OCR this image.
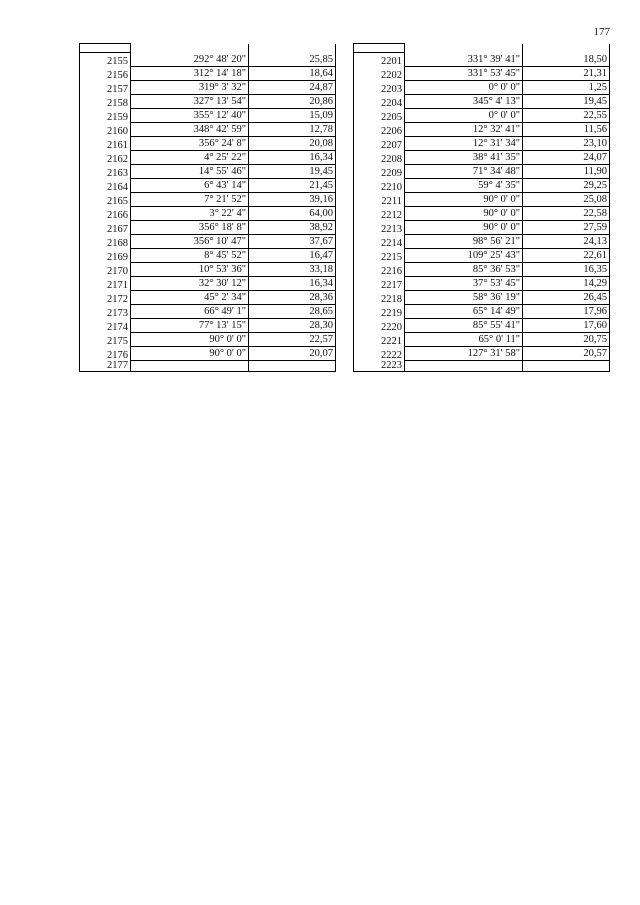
177

2155	292° 48' 20"	25,85
2156	312° 14' 18"	18,64
2157	319° 3' 32"	24,87
2158	327° 13' 54"	20,86
2159	355° 12' 40"	15,09
2160	348° 42' 59"	12,78
2161	356° 24' 8"	20,08
2162	4° 25' 22"	16,34
2163	14° 55' 46"	19,45
2164	6° 43' 14"	21,45
2165	7° 21' 52"	39,16
2166	3° 22' 4"	64,00
2167	356° 18' 8"	38,92
2168	356° 10' 47"	37,67
2169	8° 45' 52"	16,47
2170	10° 53' 36"	33,18
2171	32° 30' 12"	16,34
2172	45° 2' 34"	28,36
2173	66° 49' 1"	28,65
2174	77° 13' 15"	28,30
2175	90° 0' 0"	22,57
2176	90° 0' 0"	20,07
2177		

2201	331° 39' 41"	18,50
2202	331° 53' 45"	21,31
2203	0° 0' 0"	1,25
2204	345° 4' 13"	19,45
2205	0° 0' 0"	22,55
2206	12° 32' 41"	11,56
2207	12° 31' 34"	23,10
2208	38° 41' 35"	24,07
2209	71° 34' 48"	11,90
2210	59° 4' 35"	29,25
2211	90° 0' 0"	25,08
2212	90° 0' 0"	22,58
2213	90° 0' 0"	27,59
2214	98° 56' 21"	24,13
2215	109° 25' 43"	22,61
2216	85° 36' 53"	16,35
2217	37° 53' 45"	14,29
2218	58° 36' 19"	26,45
2219	65° 14' 49"	17,96
2220	85° 55' 41"	17,60
2221	65° 0' 11"	20,75
2222	127° 31' 58"	20,57
2223		
